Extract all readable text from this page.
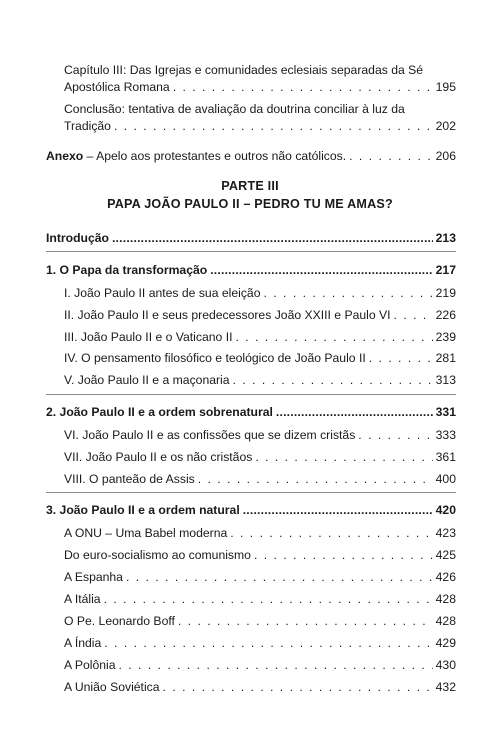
Capítulo III: Das Igrejas e comunidades eclesiais separadas da Sé
Apostólica Romana . . .	195
Conclusão: tentativa de avaliação da doutrina conciliar à luz da
Tradição . . .	202
Anexo – Apelo aos protestantes e outros não católicos. . . .	206
PARTE III
PAPA JOÃO PAULO II – PEDRO TU ME AMAS?
Introdução .....	213
1. O Papa da transformação .....	217
I. João Paulo II antes de sua eleição . . .	219
II. João Paulo II e seus predecessores João XXIII e Paulo VI . . .	226
III. João Paulo II e o Vaticano II . . .	239
IV. O pensamento filosófico e teológico de João Paulo II . . .	281
V. João Paulo II e a maçonaria . . .	313
2. João Paulo II e a ordem sobrenatural .....	331
VI. João Paulo II e as confissões que se dizem cristãs . . .	333
VII. João Paulo II e os não cristãos . . .	361
VIII. O panteão de Assis . . .	400
3. João Paulo II e a ordem natural .....	420
A ONU – Uma Babel moderna . . .	423
Do euro-socialismo ao comunismo . . .	425
A Espanha . . .	426
A Itália . . .	428
O Pe. Leonardo Boff . . .	428
A Índia . . .	429
A Polônia . . .	430
A União Soviética . . .	432
